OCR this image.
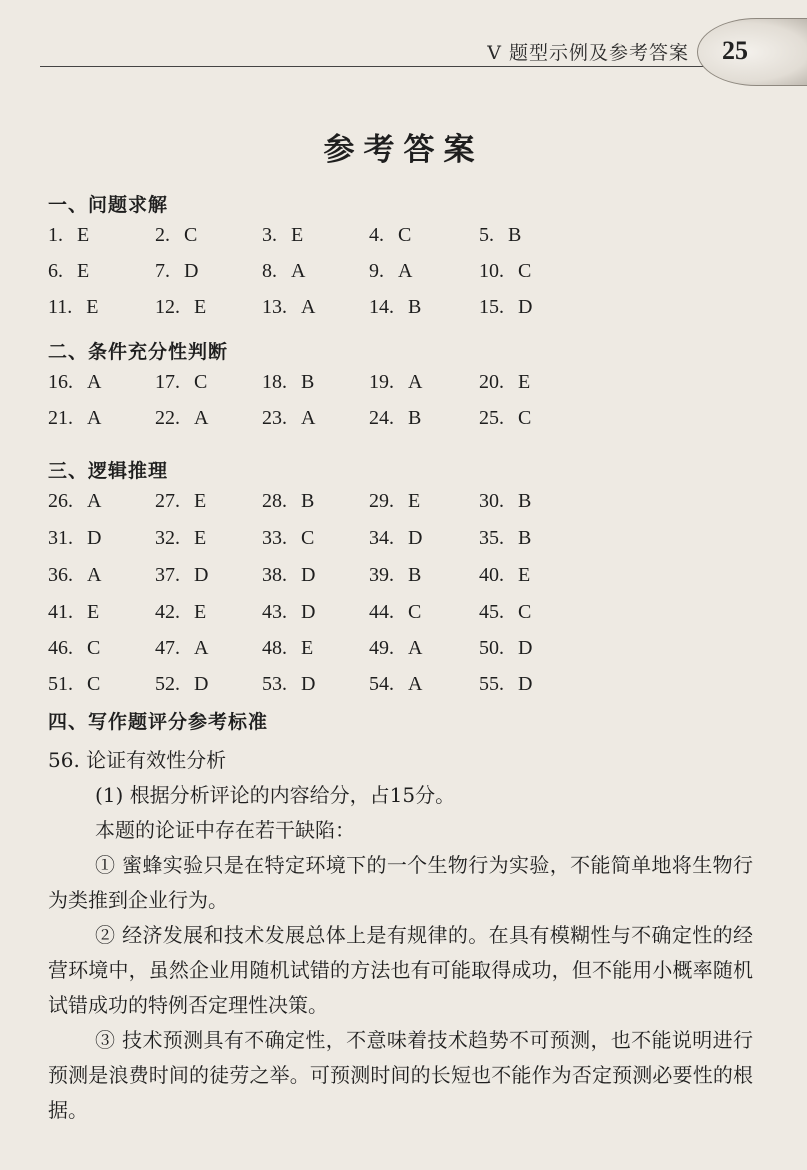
V 题型示例及参考答案 25
参考答案
一、问题求解
1. E	2. C	3. E	4. C	5. B
6. E	7. D	8. A	9. A	10. C
11. E	12. E	13. A	14. B	15. D
二、条件充分性判断
16. A	17. C	18. B	19. A	20. E
21. A	22. A	23. A	24. B	25. C
三、逻辑推理
26. A	27. E	28. B	29. E	30. B
31. D	32. E	33. C	34. D	35. B
36. A	37. D	38. D	39. B	40. E
41. E	42. E	43. D	44. C	45. C
46. C	47. A	48. E	49. A	50. D
51. C	52. D	53. D	54. A	55. D
四、写作题评分参考标准

56. 论证有效性分析

(1) 根据分析评论的内容给分，占15分。

本题的论证中存在若干缺陷：

① 蜜蜂实验只是在特定环境下的一个生物行为实验，不能简单地将生物行为类推到企业行为。

② 经济发展和技术发展总体上是有规律的。在具有模糊性与不确定性的经营环境中，虽然企业用随机试错的方法也有可能取得成功，但不能用小概率随机试错成功的特例否定理性决策。

③ 技术预测具有不确定性，不意味着技术趋势不可预测，也不能说明进行预测是浪费时间的徒劳之举。可预测时间的长短也不能作为否定预测必要性的根据。
